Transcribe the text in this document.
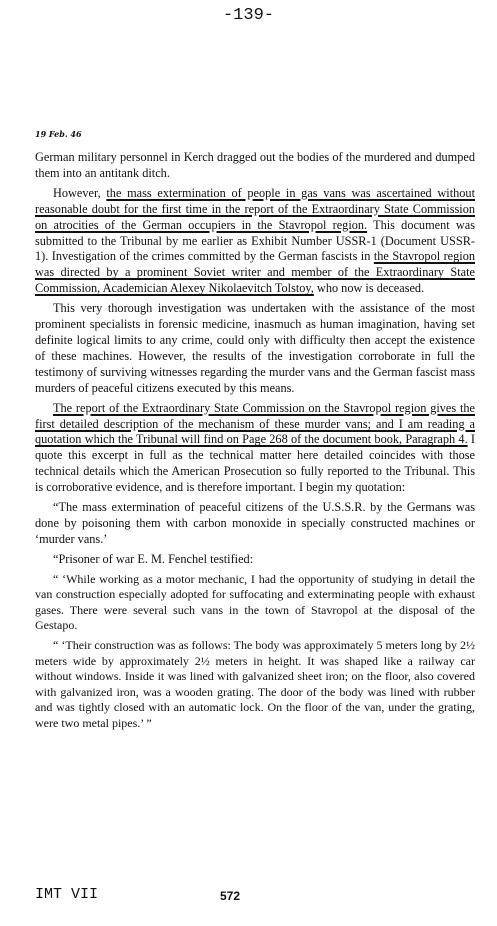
-139-
19 Feb. 46

German military personnel in Kerch dragged out the bodies of the murdered and dumped them into an antitank ditch.

However, the mass extermination of people in gas vans was ascertained without reasonable doubt for the first time in the report of the Extraordinary State Commission on atrocities of the German occupiers in the Stavropol region. This document was submitted to the Tribunal by me earlier as Exhibit Number USSR-1 (Document USSR-1). Investigation of the crimes committed by the German fascists in the Stavropol region was directed by a prominent Soviet writer and member of the Extraordinary State Commission, Academician Alexey Nikolaevitch Tolstoy, who now is deceased.

This very thorough investigation was undertaken with the assistance of the most prominent specialists in forensic medicine, inasmuch as human imagination, having set definite logical limits to any crime, could only with difficulty then accept the existence of these machines. However, the results of the investigation corroborate in full the testimony of surviving witnesses regarding the murder vans and the German fascist mass murders of peaceful citizens executed by this means.

The report of the Extraordinary State Commission on the Stavropol region gives the first detailed description of the mechanism of these murder vans; and I am reading a quotation which the Tribunal will find on Page 268 of the document book, Paragraph 4. I quote this excerpt in full as the technical matter here detailed coincides with those technical details which the American Prosecution so fully reported to the Tribunal. This is corroborative evidence, and is therefore important. I begin my quotation:

“The mass extermination of peaceful citizens of the U.S.S.R. by the Germans was done by poisoning them with carbon monoxide in specially constructed machines or ‘murder vans.’

“Prisoner of war E. M. Fenchel testified:

“ ‘While working as a motor mechanic, I had the opportunity of studying in detail the van construction especially adopted for suffocating and exterminating people with exhaust gases. There were several such vans in the town of Stavropol at the disposal of the Gestapo.

“ ‘Their construction was as follows: The body was approximately 5 meters long by 2½ meters wide by approximately 2½ meters in height. It was shaped like a railway car without windows. Inside it was lined with galvanized sheet iron; on the floor, also covered with galvanized iron, was a wooden grating. The door of the body was lined with rubber and was tightly closed with an automatic lock. On the floor of the van, under the grating, were two metal pipes.’ ”

IMT VII	572
